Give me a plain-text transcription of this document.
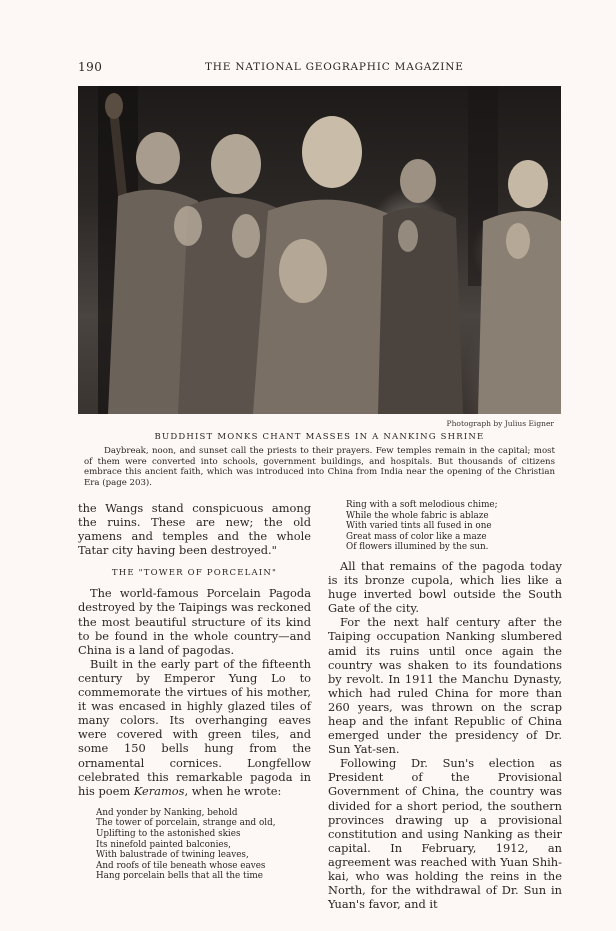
190	THE NATIONAL GEOGRAPHIC MAGAZINE
Photograph by Julius Eigner
BUDDHIST MONKS CHANT MASSES IN A NANKING SHRINE

Daybreak, noon, and sunset call the priests to their prayers. Few temples remain in the capital; most of them were converted into schools, government buildings, and hospitals. But thousands of citizens embrace this ancient faith, which was introduced into China from India near the opening of the Christian Era (page 203).

the Wangs stand conspicuous among the ruins. These are new; the old yamens and temples and the whole Tatar city having been destroyed."

THE "TOWER OF PORCELAIN"

The world-famous Porcelain Pagoda destroyed by the Taipings was reckoned the most beautiful structure of its kind to be found in the whole country—and China is a land of pagodas.

Built in the early part of the fifteenth century by Emperor Yung Lo to commemorate the virtues of his mother, it was encased in highly glazed tiles of many colors. Its overhanging eaves were covered with green tiles, and some 150 bells hung from the ornamental cornices. Longfellow celebrated this remarkable pagoda in his poem Keramos, when he wrote:

And yonder by Nanking, behold
The tower of porcelain, strange and old,
Uplifting to the astonished skies
Its ninefold painted balconies,
With balustrade of twining leaves,
And roofs of tile beneath whose eaves
Hang porcelain bells that all the time
Ring with a soft melodious chime;
While the whole fabric is ablaze
With varied tints all fused in one
Great mass of color like a maze
Of flowers illumined by the sun.

All that remains of the pagoda today is its bronze cupola, which lies like a huge inverted bowl outside the South Gate of the city.

For the next half century after the Taiping occupation Nanking slumbered amid its ruins until once again the country was shaken to its foundations by revolt. In 1911 the Manchu Dynasty, which had ruled China for more than 260 years, was thrown on the scrap heap and the infant Republic of China emerged under the presidency of Dr. Sun Yat-sen.

Following Dr. Sun's election as President of the Provisional Government of China, the country was divided for a short period, the southern provinces drawing up a provisional constitution and using Nanking as their capital. In February, 1912, an agreement was reached with Yuan Shih-kai, who was holding the reins in the North, for the withdrawal of Dr. Sun in Yuan's favor, and it
